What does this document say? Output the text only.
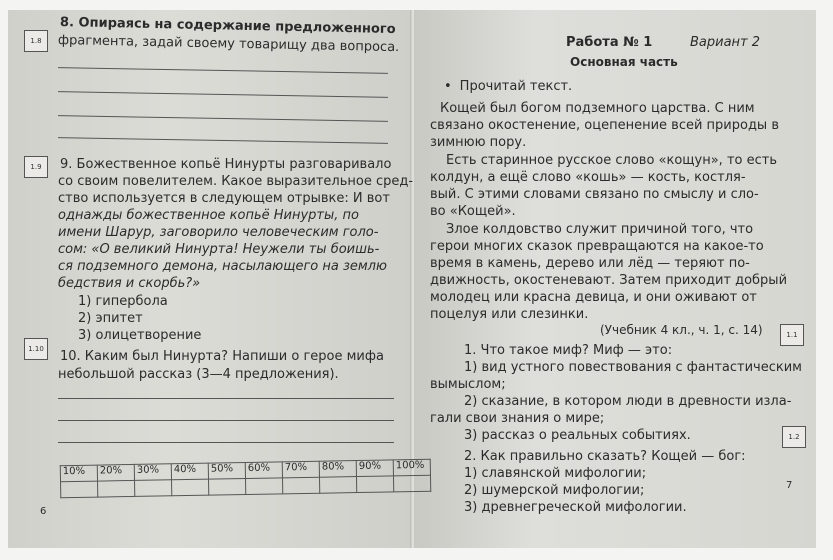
1.8
8. Опираясь на содержание предложенного
фрагмента, задай своему товарищу два вопроса.
1.9	9. Божественное копьё Нинурты разговаривало
со своим повелителем. Какое выразительное сред-
ство используется в следующем отрывке: И вот
однажды божественное копьё Нинурты, по
имени Шарур, заговорило человеческим голо-
сом: «О великий Нинурта! Неужели ты боишь-
ся подземного демона, насылающего на землю
бедствия и скорбь?»
1) гипербола
2) эпитет
3) олицетворение
1.10	10. Каким был Нинурта? Напиши о герое мифа
небольшой рассказ (3—4 предложения).
10%	20%	30%	40%	50%	60%	70%	80%	90%	100%

6
Работа № 1	Вариант 2
Основная часть
• Прочитай текст.
Кощей был богом подземного царства. С ним
связано окостенение, оцепенение всей природы в
зимнюю пору.
Есть старинное русское слово «кощун», то есть
колдун, а ещё слово «кошь» — кость, костля-
вый. С этими словами связано по смыслу и сло-
во «Кощей».
Злое колдовство служит причиной того, что
герои многих сказок превращаются на какое-то
время в камень, дерево или лёд — теряют по-
движность, окостеневают. Затем приходит добрый
молодец или красна девица, и они оживают от
поцелуя или слезинки.
(Учебник 4 кл., ч. 1, с. 14)	1.1
1. Что такое миф? Миф — это:
1) вид устного повествования с фантастическим
вымыслом;
2) сказание, в котором люди в древности изла-
гали свои знания о мире;
3) рассказ о реальных событиях.	1.2
2. Как правильно сказать? Кощей — бог:
1) славянской мифологии;
2) шумерской мифологии;
3) древнегреческой мифологии.
7
